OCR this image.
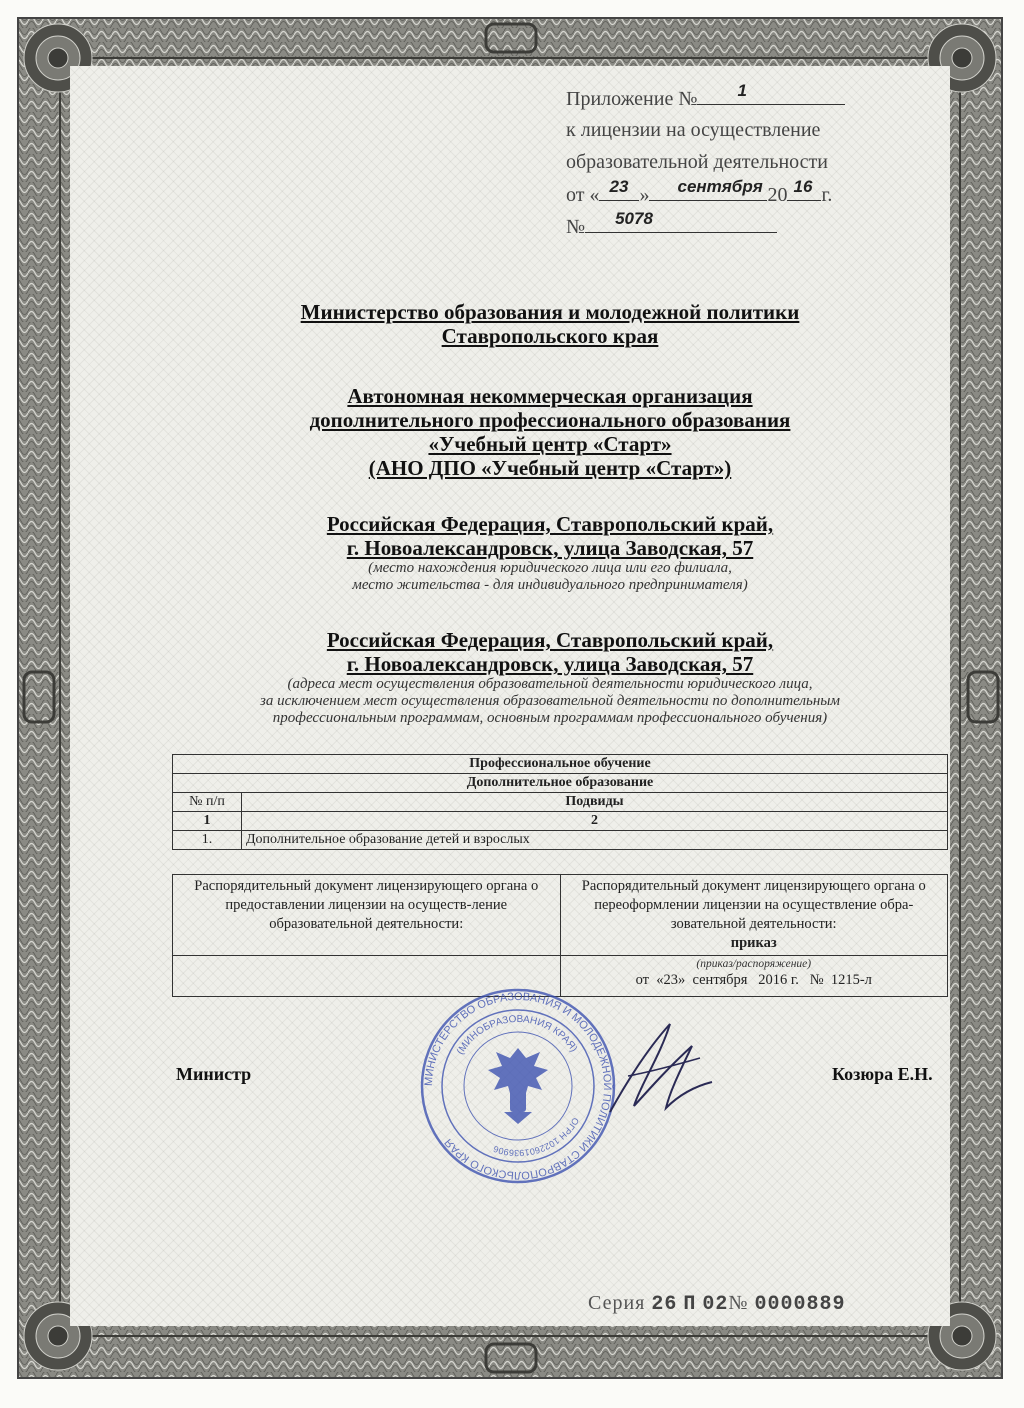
Приложение № 1
к лицензии на осуществление
образовательной деятельности
от « 23 » сентября 20 16 г.
№ 5078
Министерство образования и молодежной политики
Ставропольского края
Автономная некоммерческая организация
дополнительного профессионального образования
«Учебный центр «Старт»
(АНО ДПО «Учебный центр «Старт»)
Российская Федерация, Ставропольский край,
г. Новоалександровск, улица Заводская, 57
(место нахождения юридического лица или его филиала,
место жительства - для индивидуального предпринимателя)
Российская Федерация, Ставропольский край,
г. Новоалександровск, улица Заводская, 57
(адреса мест осуществления образовательной деятельности юридического лица,
за исключением мест осуществления образовательной деятельности по дополнительным
профессиональным программам, основным программам профессионального обучения)
Профессиональное обучение	
Дополнительное образование	
№ п/п	Подвиды
1	2
1.	Дополнительное образование детей и взрослых
Распорядительный документ лицензирующего органа о предоставлении лицензии на осуществ-ление образовательной деятельности:	Распорядительный документ лицензирующего органа о переоформлении лицензии на осуществление обра-зовательной деятельности:
приказ

	(приказ/распоряжение)
от  «23»  сентября   2016 г.   №  1215-л
Министр	Козюра Е.Н.
МИНИСТЕРСТВО ОБРАЗОВАНИЯ И МОЛОДЕЖНОЙ ПОЛИТИКИ СТАВРОПОЛЬСКОГО КРАЯ
(МИНОБРАЗОВАНИЯ КРАЯ)
ОГРН 1022601936906
Серия 26 П 02№ 0000889
